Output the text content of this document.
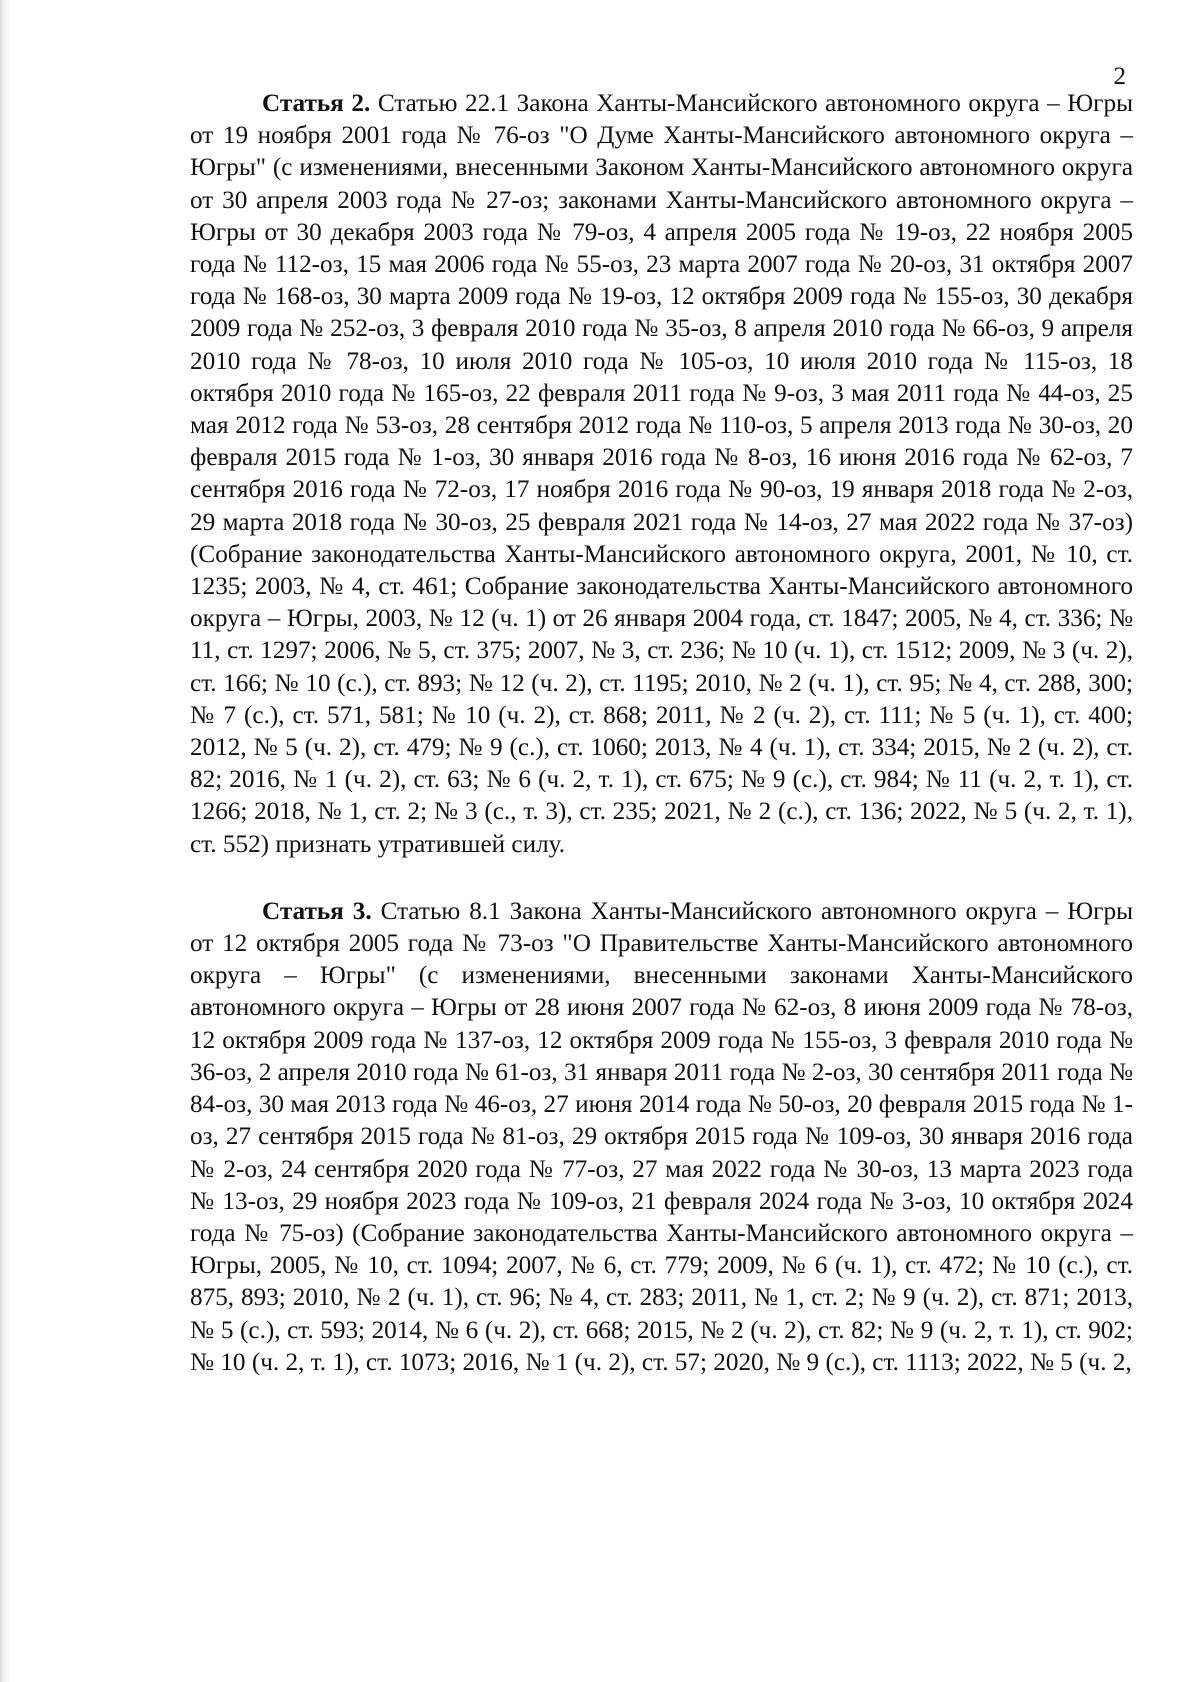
2

Статья 2. Статью 22.1 Закона Ханты-Мансийского автономного округа – Югры от 19 ноября 2001 года № 76-оз "О Думе Ханты-Мансийского автономного округа – Югры" (с изменениями, внесенными Законом Ханты-Мансийского автономного округа от 30 апреля 2003 года № 27-оз; законами Ханты-Мансийского автономного округа – Югры от 30 декабря 2003 года № 79-оз, 4 апреля 2005 года № 19-оз, 22 ноября 2005 года № 112-оз, 15 мая 2006 года № 55-оз, 23 марта 2007 года № 20-оз, 31 октября 2007 года № 168-оз, 30 марта 2009 года № 19-оз, 12 октября 2009 года № 155-оз, 30 декабря 2009 года № 252-оз, 3 февраля 2010 года № 35-оз, 8 апреля 2010 года № 66-оз, 9 апреля 2010 года № 78-оз, 10 июля 2010 года № 105-оз, 10 июля 2010 года № 115-оз, 18 октября 2010 года № 165-оз, 22 февраля 2011 года № 9-оз, 3 мая 2011 года № 44-оз, 25 мая 2012 года № 53-оз, 28 сентября 2012 года № 110-оз, 5 апреля 2013 года № 30-оз, 20 февраля 2015 года № 1-оз, 30 января 2016 года № 8-оз, 16 июня 2016 года № 62-оз, 7 сентября 2016 года № 72-оз, 17 ноября 2016 года № 90-оз, 19 января 2018 года № 2-оз, 29 марта 2018 года № 30-оз, 25 февраля 2021 года № 14-оз, 27 мая 2022 года № 37-оз) (Собрание законодательства Ханты-Мансийского автономного округа, 2001, № 10, ст. 1235; 2003, № 4, ст. 461; Собрание законодательства Ханты-Мансийского автономного округа – Югры, 2003, № 12 (ч. 1) от 26 января 2004 года, ст. 1847; 2005, № 4, ст. 336; № 11, ст. 1297; 2006, № 5, ст. 375; 2007, № 3, ст. 236; № 10 (ч. 1), ст. 1512; 2009, № 3 (ч. 2), ст. 166; № 10 (с.), ст. 893; № 12 (ч. 2), ст. 1195; 2010, № 2 (ч. 1), ст. 95; № 4, ст. 288, 300; № 7 (с.), ст. 571, 581; № 10 (ч. 2), ст. 868; 2011, № 2 (ч. 2), ст. 111; № 5 (ч. 1), ст. 400; 2012, № 5 (ч. 2), ст. 479; № 9 (с.), ст. 1060; 2013, № 4 (ч. 1), ст. 334; 2015, № 2 (ч. 2), ст. 82; 2016, № 1 (ч. 2), ст. 63; № 6 (ч. 2, т. 1), ст. 675; № 9 (с.), ст. 984; № 11 (ч. 2, т. 1), ст. 1266; 2018, № 1, ст. 2; № 3 (с., т. 3), ст. 235; 2021, № 2 (с.), ст. 136; 2022, № 5 (ч. 2, т. 1), ст. 552) признать утратившей силу.

Статья 3. Статью 8.1 Закона Ханты-Мансийского автономного округа – Югры от 12 октября 2005 года № 73-оз "О Правительстве Ханты-Мансийского автономного округа – Югры" (с изменениями, внесенными законами Ханты-Мансийского автономного округа – Югры от 28 июня 2007 года № 62-оз, 8 июня 2009 года № 78-оз, 12 октября 2009 года № 137-оз, 12 октября 2009 года № 155-оз, 3 февраля 2010 года № 36-оз, 2 апреля 2010 года № 61-оз, 31 января 2011 года № 2-оз, 30 сентября 2011 года № 84-оз, 30 мая 2013 года № 46-оз, 27 июня 2014 года № 50-оз, 20 февраля 2015 года № 1-оз, 27 сентября 2015 года № 81-оз, 29 октября 2015 года № 109-оз, 30 января 2016 года № 2-оз, 24 сентября 2020 года № 77-оз, 27 мая 2022 года № 30-оз, 13 марта 2023 года № 13-оз, 29 ноября 2023 года № 109-оз, 21 февраля 2024 года № 3-оз, 10 октября 2024 года № 75-оз) (Собрание законодательства Ханты-Мансийского автономного округа – Югры, 2005, № 10, ст. 1094; 2007, № 6, ст. 779; 2009, № 6 (ч. 1), ст. 472; № 10 (с.), ст. 875, 893; 2010, № 2 (ч. 1), ст. 96; № 4, ст. 283; 2011, № 1, ст. 2; № 9 (ч. 2), ст. 871; 2013, № 5 (с.), ст. 593; 2014, № 6 (ч. 2), ст. 668; 2015, № 2 (ч. 2), ст. 82; № 9 (ч. 2, т. 1), ст. 902; № 10 (ч. 2, т. 1), ст. 1073; 2016, № 1 (ч. 2), ст. 57; 2020, № 9 (с.), ст. 1113; 2022, № 5 (ч. 2,
